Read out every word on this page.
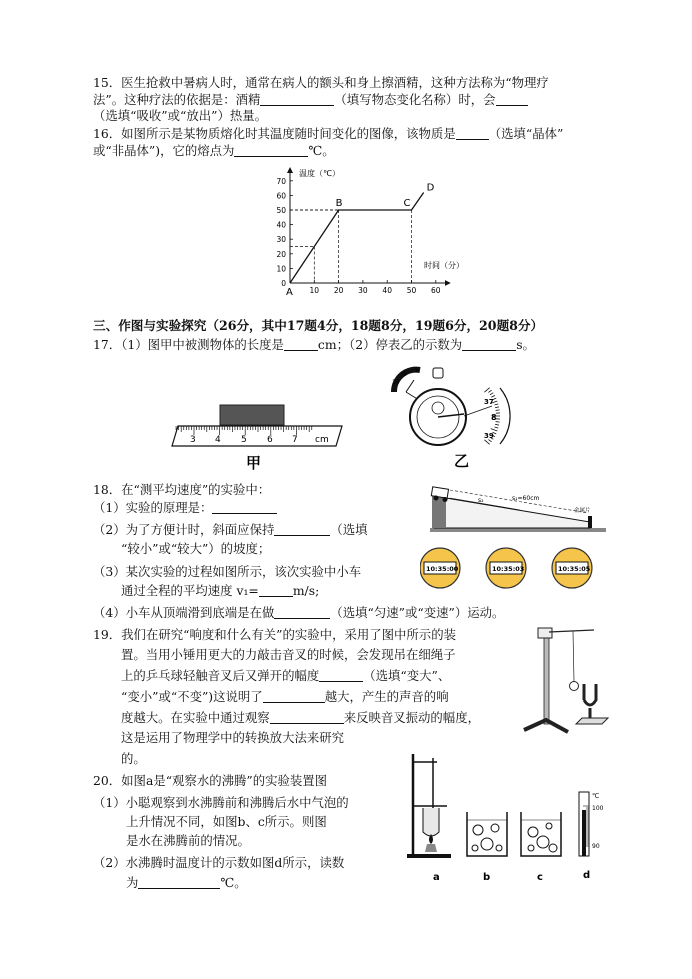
15．医生抢救中暑病人时，通常在病人的额头和身上擦酒精，这种方法称为“物理疗
法”。这种疗法的依据是：酒精	（填写物态变化名称）时，会
（选填“吸收”或“放出”）热量。
16．如图所示是某物质熔化时其温度随时间变化的图像，该物质是	（选填“晶体”
或“非晶体”)，它的熔点为	℃。
0
10
20
30
40
50
60
70
10 20 30 40 50 60
A
B	C
D
温度（℃）
时间（分）
三、作图与实验探究（26分，其中17题4分，18题8分，19题6分，20题8分）
17．（1）图甲中被测物体的长度是	cm；（2）停表乙的示数为	s。
3 4 5 6 7 cm
甲
10
0
5
37
8
39
乙
18．在“测平均速度”的实验中：
（1）实验的原理是：
（2）为了方便计时，斜面应保持	（选填
“较小”或“较大”）的坡度；
（3）某次实验的过程如图所示，该次实验中小车
通过全程的平均速度 v₁=	m/s;
（4）小车从顶端滑到底端是在做	（选填“匀速”或“变速”）运动。
s₁=60cm
s₂
金属片
10:35:00	10:35:03	10:35:05
19．我们在研究“响度和什么有关”的实验中，采用了图中所示的装
置。当用小锤用更大的力敲击音叉的时候，会发现吊在细绳子
上的乒乓球轻触音叉后又弹开的幅度	（选填“变大”、
“变小”或“不变”)这说明了	越大，产生的声音的响
度越大。在实验中通过观察	来反映音叉振动的幅度，
这是运用了物理学中的转换放大法来研究
的。
20．如图a是“观察水的沸腾”的实验装置图
（1）小聪观察到水沸腾前和沸腾后水中气泡的
上升情况不同，如图b、c所示。则图
是水在沸腾前的情况。
（2）水沸腾时温度计的示数如图d所示，读数
为	℃。
℃
100
90
a	b	c	d
